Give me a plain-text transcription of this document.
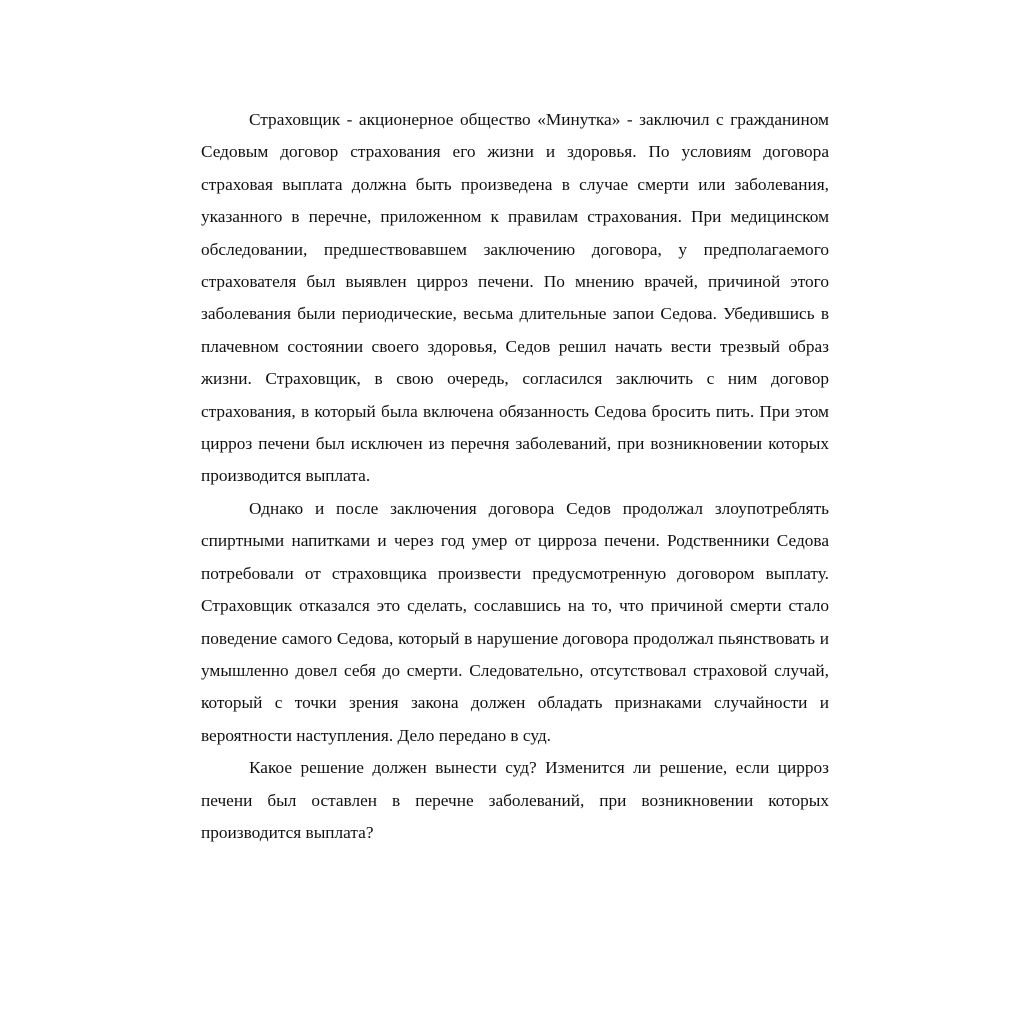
Страховщик - акционерное общество «Минутка» - заключил с гражданином Седовым договор страхования его жизни и здоровья. По условиям договора страховая выплата должна быть произведена в случае смерти или заболевания, указанного в перечне, приложенном к правилам страхования. При медицинском обследовании, предшествовавшем заключению договора, у предполагаемого страхователя был выявлен цирроз печени. По мнению врачей, причиной этого заболевания были периодические, весьма длительные запои Седова. Убедившись в плачевном состоянии своего здоровья, Седов решил начать вести трезвый образ жизни. Страховщик, в свою очередь, согласился заключить с ним договор страхования, в который была включена обязанность Седова бросить пить. При этом цирроз печени был исключен из перечня заболеваний, при возникновении которых производится выплата.

Однако и после заключения договора Седов продолжал злоупотреблять спиртными напитками и через год умер от цирроза печени. Родственники Седова потребовали от страховщика произвести предусмотренную договором выплату. Страховщик отказался это сделать, сославшись на то, что причиной смерти стало поведение самого Седова, который в нарушение договора продолжал пьянствовать и умышленно довел себя до смерти. Следовательно, отсутствовал страховой случай, который с точки зрения закона должен обладать признаками случайности и вероятности наступления. Дело передано в суд.

Какое решение должен вынести суд? Изменится ли решение, если цирроз печени был оставлен в перечне заболеваний, при возникновении которых производится выплата?
